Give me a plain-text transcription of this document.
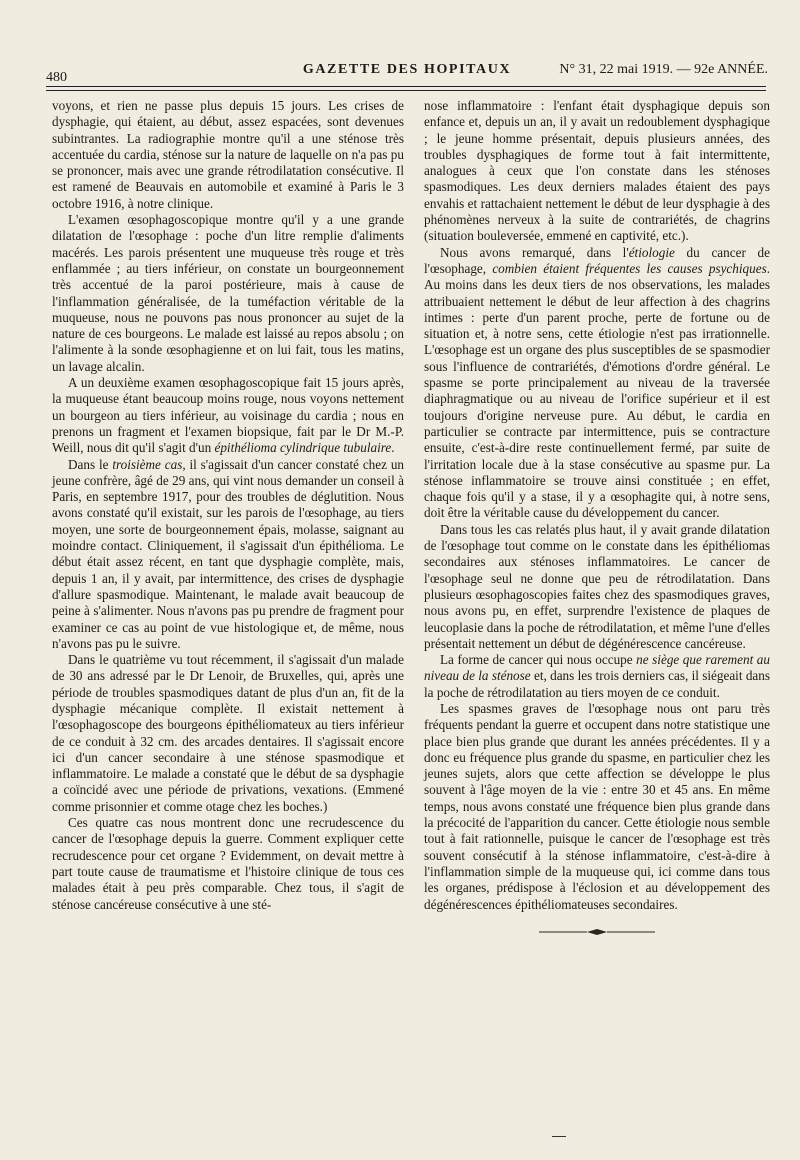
480
GAZETTE DES HOPITAUX	N° 31, 22 mai 1919. — 92e ANNÉE.

voyons, et rien ne passe plus depuis 15 jours. Les crises de dysphagie, qui étaient, au début, assez espacées, sont devenues subintrantes. La radiographie montre qu'il a une sténose très accentuée du cardia, sténose sur la nature de laquelle on n'a pas pu se prononcer, mais avec une grande rétrodilatation consécutive. Il est ramené de Beauvais en automobile et examiné à Paris le 3 octobre 1916, à notre clinique.

L'examen œsophagoscopique montre qu'il y a une grande dilatation de l'œsophage : poche d'un litre remplie d'aliments macérés. Les parois présentent une muqueuse très rouge et très enflammée ; au tiers inférieur, on constate un bourgeonnement très accentué de la paroi postérieure, mais à cause de l'inflammation généralisée, de la tuméfaction véritable de la muqueuse, nous ne pouvons pas nous prononcer au sujet de la nature de ces bourgeons. Le malade est laissé au repos absolu ; on l'alimente à la sonde œsophagienne et on lui fait, tous les matins, un lavage alcalin.

A un deuxième examen œsophagoscopique fait 15 jours après, la muqueuse étant beaucoup moins rouge, nous voyons nettement un bourgeon au tiers inférieur, au voisinage du cardia ; nous en prenons un fragment et l'examen biopsique, fait par le Dr M.-P. Weill, nous dit qu'il s'agit d'un épithélioma cylindrique tubulaire.

Dans le troisième cas, il s'agissait d'un cancer constaté chez un jeune confrère, âgé de 29 ans, qui vint nous demander un conseil à Paris, en septembre 1917, pour des troubles de déglutition. Nous avons constaté qu'il existait, sur les parois de l'œsophage, au tiers moyen, une sorte de bourgeonnement épais, molasse, saignant au moindre contact. Cliniquement, il s'agissait d'un épithélioma. Le début était assez récent, en tant que dysphagie complète, mais, depuis 1 an, il y avait, par intermittence, des crises de dysphagie d'allure spasmodique. Maintenant, le malade avait beaucoup de peine à s'alimenter. Nous n'avons pas pu prendre de fragment pour examiner ce cas au point de vue histologique et, de même, nous n'avons pas pu le suivre.

Dans le quatrième vu tout récemment, il s'agissait d'un malade de 30 ans adressé par le Dr Lenoir, de Bruxelles, qui, après une période de troubles spasmodiques datant de plus d'un an, fit de la dysphagie mécanique complète. Il existait nettement à l'œsophagoscope des bourgeons épithéliomateux au tiers inférieur de ce conduit à 32 cm. des arcades dentaires. Il s'agissait encore ici d'un cancer secondaire à une sténose spasmodique et inflammatoire. Le malade a constaté que le début de sa dysphagie a coïncidé avec une période de privations, vexations. (Emmené comme prisonnier et comme otage chez les boches.)

Ces quatre cas nous montrent donc une recrudescence du cancer de l'œsophage depuis la guerre. Comment expliquer cette recrudescence pour cet organe ? Evidemment, on devait mettre à part toute cause de traumatisme et l'histoire clinique de tous ces malades était à peu près comparable. Chez tous, il s'agit de sténose cancéreuse consécutive à une sté-

nose inflammatoire : l'enfant était dysphagique depuis son enfance et, depuis un an, il y avait un redoublement dysphagique ; le jeune homme présentait, depuis plusieurs années, des troubles dysphagiques de forme tout à fait intermittente, analogues à ceux que l'on constate dans les sténoses spasmodiques. Les deux derniers malades étaient des pays envahis et rattachaient nettement le début de leur dysphagie à des phénomènes nerveux à la suite de contrariétés, de chagrins (situation bouleversée, emmené en captivité, etc.).

Nous avons remarqué, dans l'étiologie du cancer de l'œsophage, combien étaient fréquentes les causes psychiques. Au moins dans les deux tiers de nos observations, les malades attribuaient nettement le début de leur affection à des chagrins intimes : perte d'un parent proche, perte de fortune ou de situation et, à notre sens, cette étiologie n'est pas irrationnelle. L'œsophage est un organe des plus susceptibles de se spasmodier sous l'influence de contrariétés, d'émotions d'ordre général. Le spasme se porte principalement au niveau de la traversée diaphragmatique ou au niveau de l'orifice supérieur et il est toujours d'origine nerveuse pure. Au début, le cardia en particulier se contracte par intermittence, puis se contracture ensuite, c'est-à-dire reste continuellement fermé, par suite de l'irritation locale due à la stase consécutive au spasme pur. La sténose inflammatoire se trouve ainsi constituée ; en effet, chaque fois qu'il y a stase, il y a œsophagite qui, à notre sens, doit être la véritable cause du développement du cancer.

Dans tous les cas relatés plus haut, il y avait grande dilatation de l'œsophage tout comme on le constate dans les épithéliomas secondaires aux sténoses inflammatoires. Le cancer de l'œsophage seul ne donne que peu de rétrodilatation. Dans plusieurs œsophagoscopies faites chez des spasmodiques graves, nous avons pu, en effet, surprendre l'existence de plaques de leucoplasie dans la poche de rétrodilatation, et même l'une d'elles présentait nettement un début de dégénérescence cancéreuse.

La forme de cancer qui nous occupe ne siège que rarement au niveau de la sténose et, dans les trois derniers cas, il siégeait dans la poche de rétrodilatation au tiers moyen de ce conduit.

Les spasmes graves de l'œsophage nous ont paru très fréquents pendant la guerre et occupent dans notre statistique une place bien plus grande que durant les années précédentes. Il y a donc eu fréquence plus grande du spasme, en particulier chez les jeunes sujets, alors que cette affection se développe le plus souvent à l'âge moyen de la vie : entre 30 et 45 ans. En même temps, nous avons constaté une fréquence bien plus grande dans la précocité de l'apparition du cancer. Cette étiologie nous semble tout à fait rationnelle, puisque le cancer de l'œsophage est très souvent consécutif à la sténose inflammatoire, c'est-à-dire à l'inflammation simple de la muqueuse qui, ici comme dans tous les organes, prédispose à l'éclosion et au développement des dégénérescences épithéliomateuses secondaires.
